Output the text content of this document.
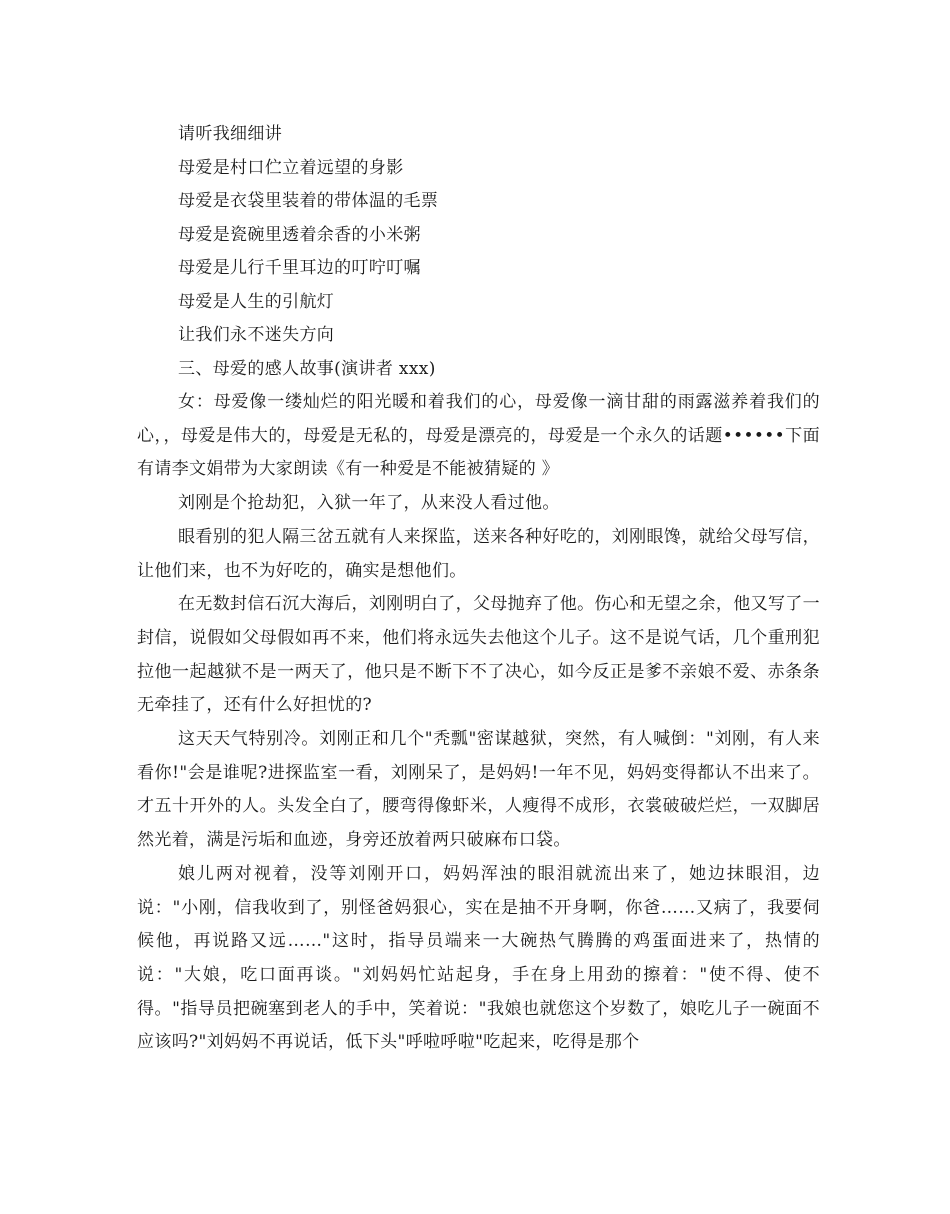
请听我细细讲

母爱是村口伫立着远望的身影

母爱是衣袋里装着的带体温的毛票

母爱是瓷碗里透着余香的小米粥

母爱是儿行千里耳边的叮咛叮嘱

母爱是人生的引航灯

让我们永不迷失方向

三、母爱的感人故事(演讲者 xxx)

女：母爱像一缕灿烂的阳光暖和着我们的心，母爱像一滴甘甜的雨露滋养着我们的心，，母爱是伟大的，母爱是无私的，母爱是漂亮的，母爱是一个永久的话题••••••下面有请李文娟带为大家朗读《有一种爱是不能被猜疑的 》

刘刚是个抢劫犯，入狱一年了，从来没人看过他。

眼看别的犯人隔三岔五就有人来探监，送来各种好吃的，刘刚眼馋，就给父母写信，让他们来，也不为好吃的，确实是想他们。

在无数封信石沉大海后，刘刚明白了，父母抛弃了他。伤心和无望之余，他又写了一封信，说假如父母假如再不来，他们将永远失去他这个儿子。这不是说气话，几个重刑犯拉他一起越狱不是一两天了，他只是不断下不了决心，如今反正是爹不亲娘不爱、赤条条无牵挂了，还有什么好担忧的?

这天天气特别冷。刘刚正和几个"秃瓢"密谋越狱，突然，有人喊倒："刘刚，有人来看你!"会是谁呢?进探监室一看，刘刚呆了，是妈妈!一年不见，妈妈变得都认不出来了。才五十开外的人。头发全白了，腰弯得像虾米，人瘦得不成形，衣裳破破烂烂，一双脚居然光着，满是污垢和血迹，身旁还放着两只破麻布口袋。

娘儿两对视着，没等刘刚开口，妈妈浑浊的眼泪就流出来了，她边抹眼泪，边说："小刚，信我收到了，别怪爸妈狠心，实在是抽不开身啊，你爸……又病了，我要伺候他，再说路又远……"这时，指导员端来一大碗热气腾腾的鸡蛋面进来了，热情的说："大娘，吃口面再谈。"刘妈妈忙站起身，手在身上用劲的擦着："使不得、使不得。"指导员把碗塞到老人的手中，笑着说："我娘也就您这个岁数了，娘吃儿子一碗面不应该吗?"刘妈妈不再说话，低下头"呼啦呼啦"吃起来，吃得是那个
